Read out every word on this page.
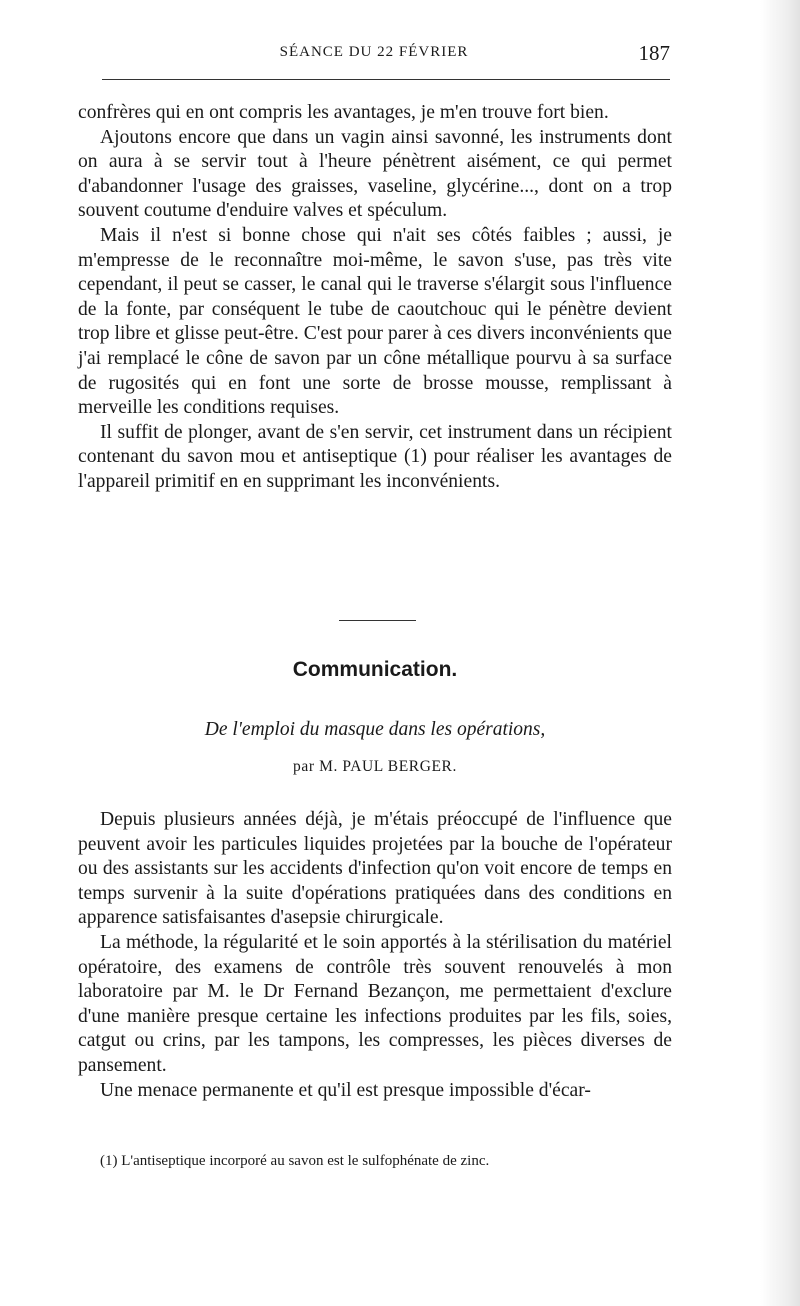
SÉANCE DU 22 FÉVRIER	187

confrères qui en ont compris les avantages, je m'en trouve fort bien.

Ajoutons encore que dans un vagin ainsi savonné, les instruments dont on aura à se servir tout à l'heure pénètrent aisément, ce qui permet d'abandonner l'usage des graisses, vaseline, glycérine..., dont on a trop souvent coutume d'enduire valves et spéculum.

Mais il n'est si bonne chose qui n'ait ses côtés faibles ; aussi, je m'empresse de le reconnaître moi-même, le savon s'use, pas très vite cependant, il peut se casser, le canal qui le traverse s'élargit sous l'influence de la fonte, par conséquent le tube de caoutchouc qui le pénètre devient trop libre et glisse peut-être. C'est pour parer à ces divers inconvénients que j'ai remplacé le cône de savon par un cône métallique pourvu à sa surface de rugosités qui en font une sorte de brosse mousse, remplissant à merveille les conditions requises.

Il suffit de plonger, avant de s'en servir, cet instrument dans un récipient contenant du savon mou et antiseptique (1) pour réaliser les avantages de l'appareil primitif en en supprimant les inconvénients.

Communication.
De l'emploi du masque dans les opérations,
par M. PAUL BERGER.

Depuis plusieurs années déjà, je m'étais préoccupé de l'influence que peuvent avoir les particules liquides projetées par la bouche de l'opérateur ou des assistants sur les accidents d'infection qu'on voit encore de temps en temps survenir à la suite d'opérations pratiquées dans des conditions en apparence satisfaisantes d'asepsie chirurgicale.

La méthode, la régularité et le soin apportés à la stérilisation du matériel opératoire, des examens de contrôle très souvent renouvelés à mon laboratoire par M. le Dr Fernand Bezançon, me permettaient d'exclure d'une manière presque certaine les infections produites par les fils, soies, catgut ou crins, par les tampons, les compresses, les pièces diverses de pansement.

Une menace permanente et qu'il est presque impossible d'écar-

(1) L'antiseptique incorporé au savon est le sulfophénate de zinc.
